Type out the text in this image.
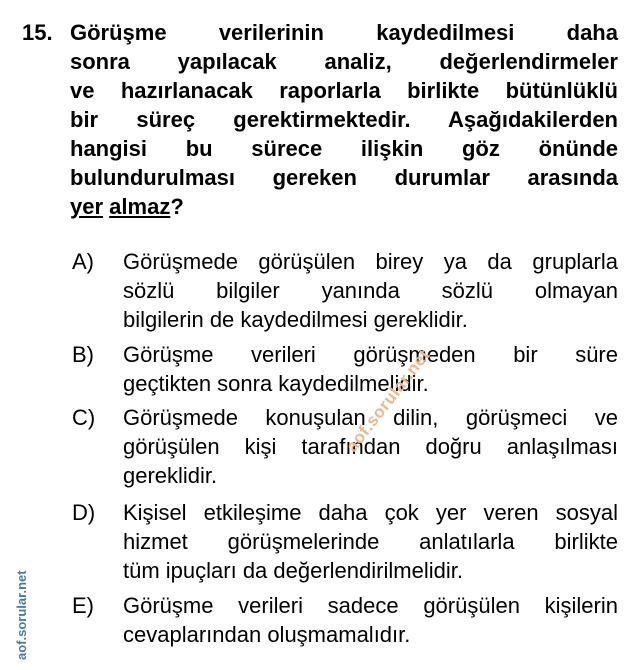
15. Görüşme verilerinin kaydedilmesi daha
sonra yapılacak analiz, değerlendirmeler
ve hazırlanacak raporlarla birlikte bütünlüklü
bir süreç gerektirmektedir. Aşağıdakilerden
hangisi bu sürece ilişkin göz önünde
bulundurulması gereken durumlar arasında
yer almaz?
A) Görüşmede görüşülen birey ya da gruplarla
sözlü bilgiler yanında sözlü olmayan
bilgilerin de kaydedilmesi gereklidir.
B) Görüşme verileri görüşmeden bir süre
geçtikten sonra kaydedilmelidir.
C) Görüşmede konuşulan dilin, görüşmeci ve
görüşülen kişi tarafından doğru anlaşılması
gereklidir.
D) Kişisel etkileşime daha çok yer veren sosyal
hizmet görüşmelerinde anlatılarla birlikte
tüm ipuçları da değerlendirilmelidir.
E) Görüşme verileri sadece görüşülen kişilerin
cevaplarından oluşmamalıdır.
aof.sorular.net
aof.sorular.net
